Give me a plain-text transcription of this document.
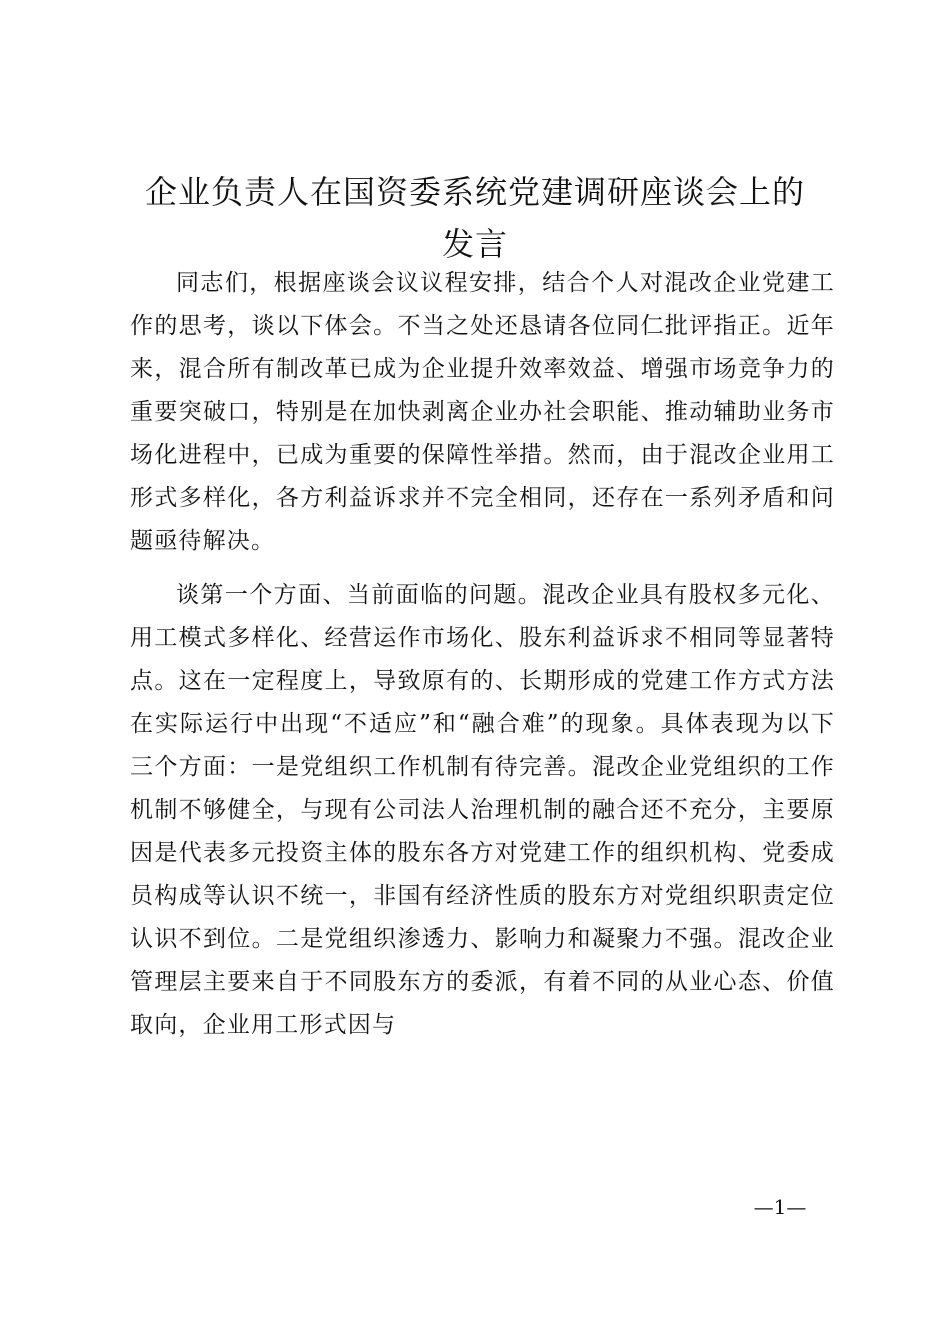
企业负责人在国资委系统党建调研座谈会上的
发言

同志们，根据座谈会议议程安排，结合个人对混改企业党建工作的思考，谈以下体会。不当之处还恳请各位同仁批评指正。近年来，混合所有制改革已成为企业提升效率效益、增强市场竞争力的重要突破口，特别是在加快剥离企业办社会职能、推动辅助业务市场化进程中，已成为重要的保障性举措。然而，由于混改企业用工形式多样化，各方利益诉求并不完全相同，还存在一系列矛盾和问题亟待解决。

谈第一个方面、当前面临的问题。混改企业具有股权多元化、用工模式多样化、经营运作市场化、股东利益诉求不相同等显著特点。这在一定程度上，导致原有的、长期形成的党建工作方式方法在实际运行中出现“不适应”和“融合难”的现象。具体表现为以下三个方面：一是党组织工作机制有待完善。混改企业党组织的工作机制不够健全，与现有公司法人治理机制的融合还不充分，主要原因是代表多元投资主体的股东各方对党建工作的组织机构、党委成员构成等认识不统一，非国有经济性质的股东方对党组织职责定位认识不到位。二是党组织渗透力、影响力和凝聚力不强。混改企业管理层主要来自于不同股东方的委派，有着不同的从业心态、价值取向，企业用工形式因与

—1—
